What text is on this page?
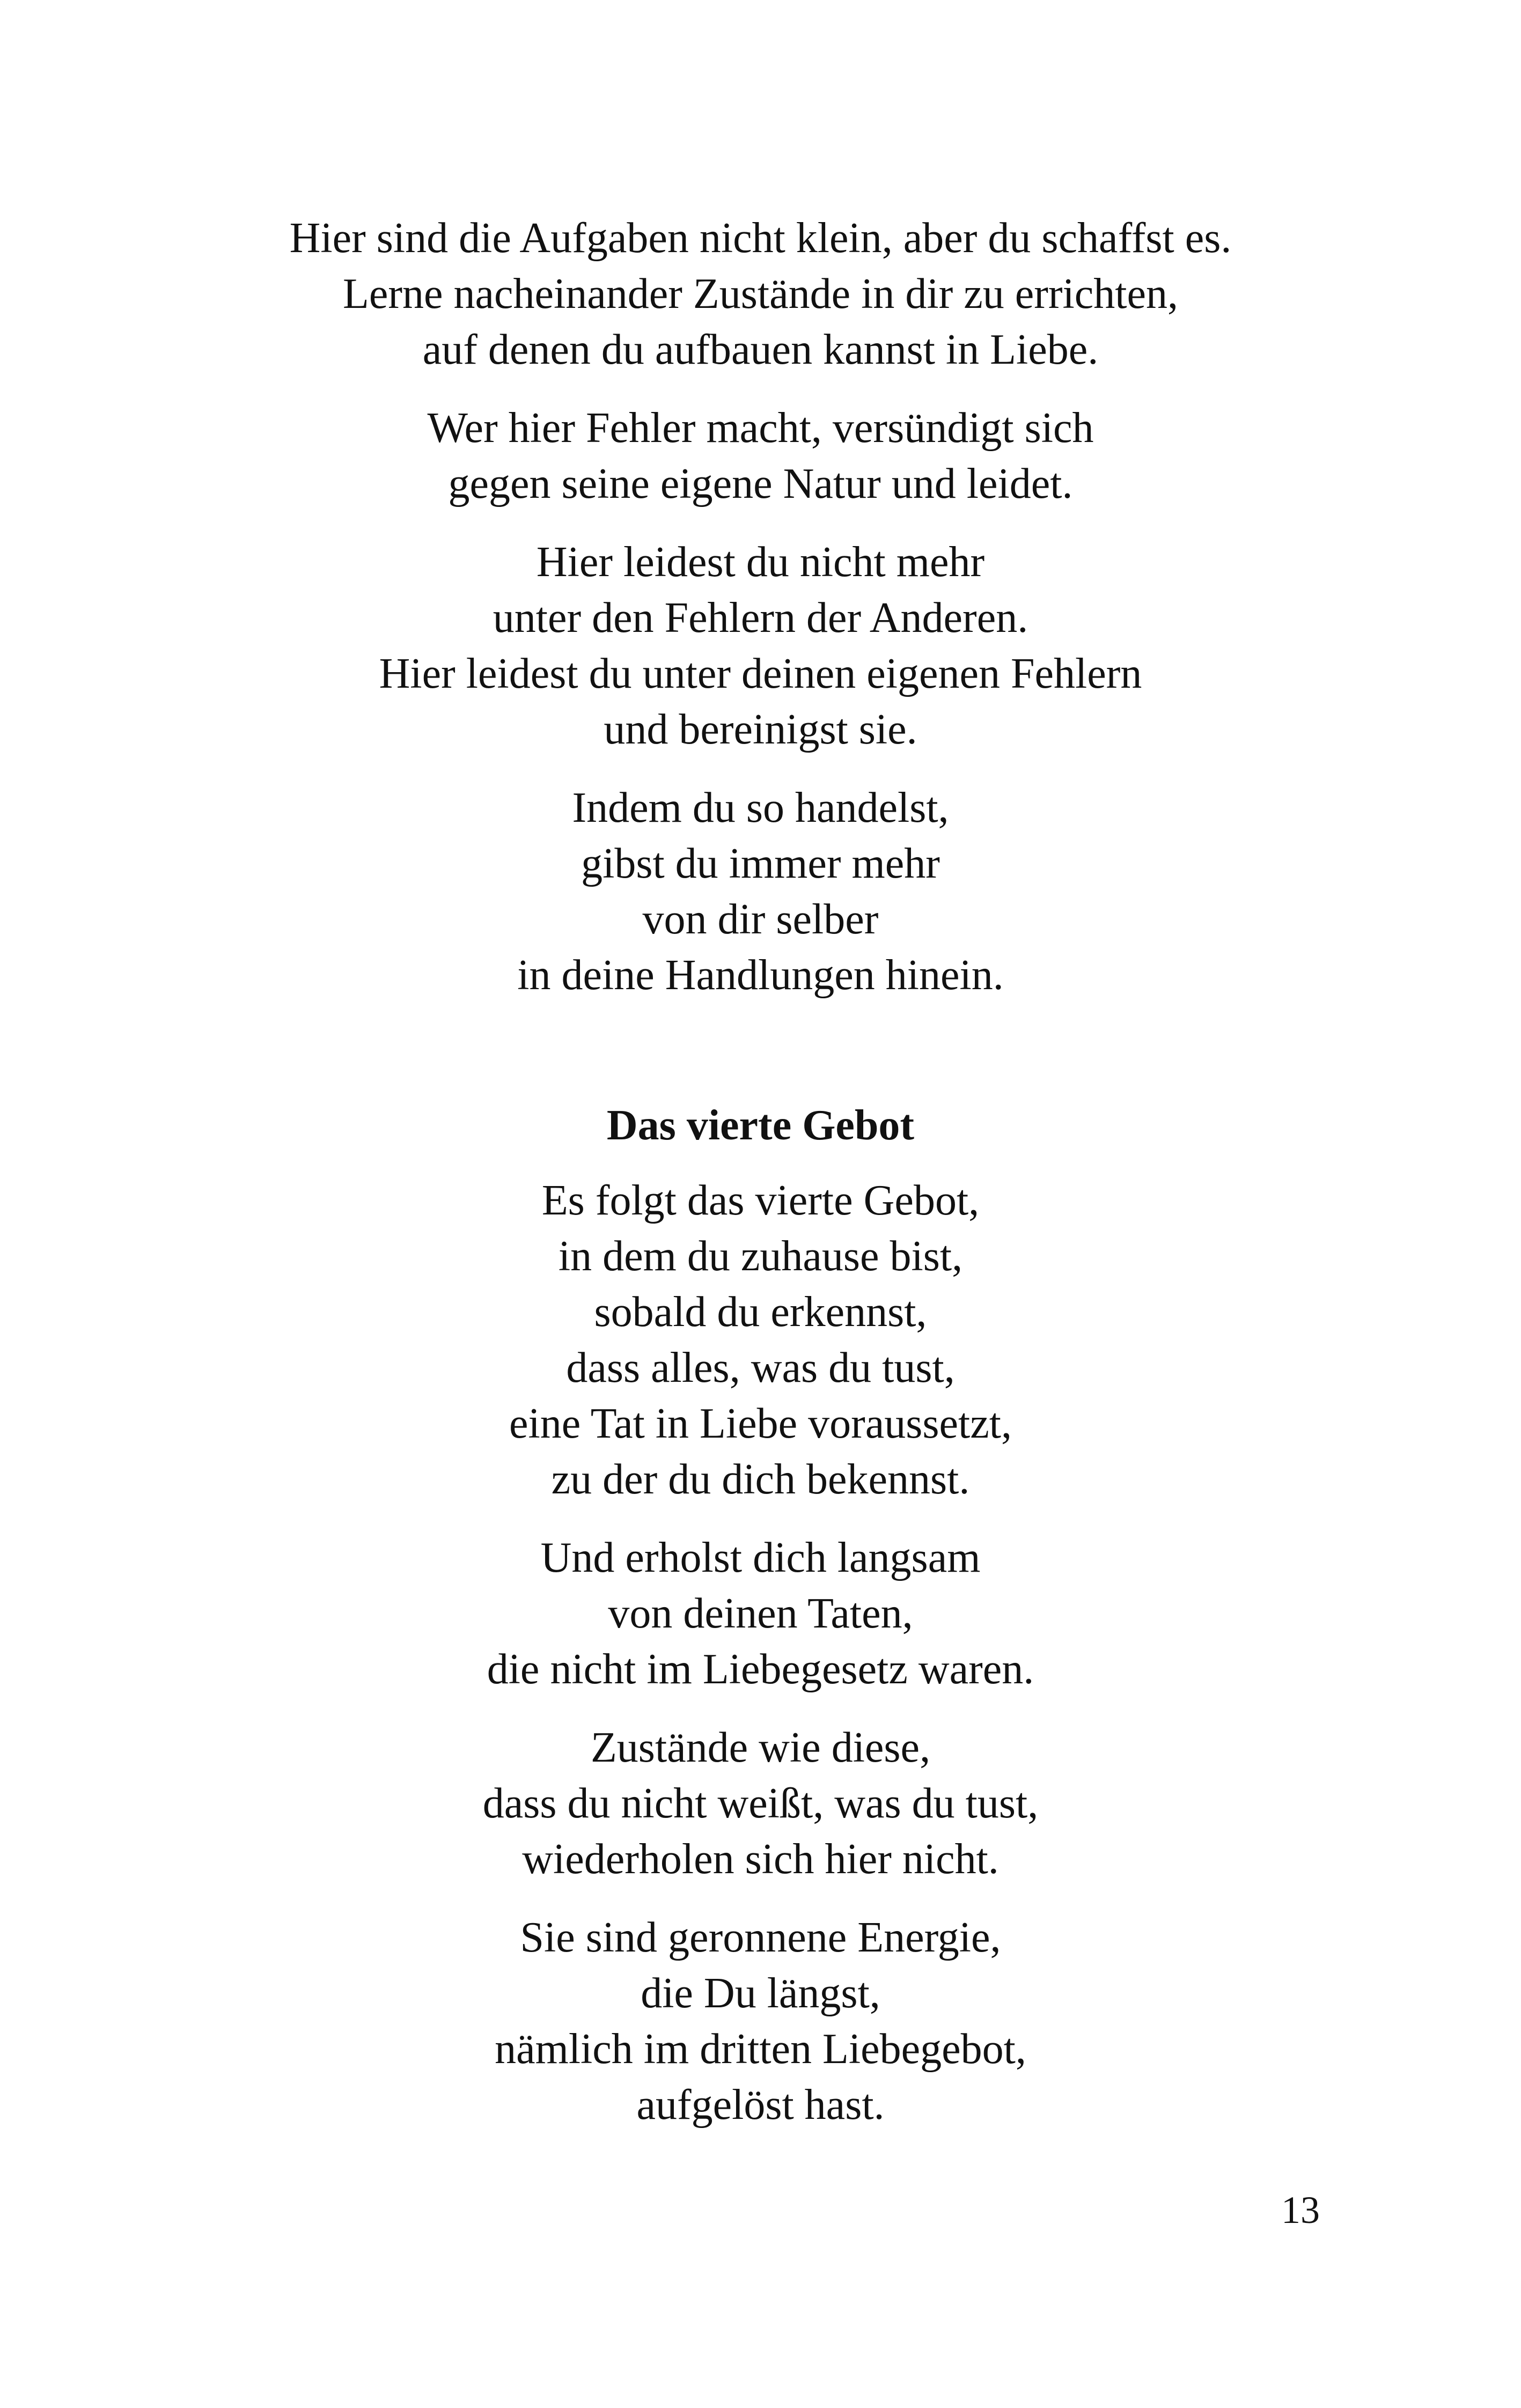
Hier sind die Aufgaben nicht klein, aber du schaffst es.
Lerne nacheinander Zustände in dir zu errichten,
auf denen du aufbauen kannst in Liebe.
Wer hier Fehler macht, versündigt sich
gegen seine eigene Natur und leidet.
Hier leidest du nicht mehr
unter den Fehlern der Anderen.
Hier leidest du unter deinen eigenen Fehlern
und bereinigst sie.
Indem du so handelst,
gibst du immer mehr
von dir selber
in deine Handlungen hinein.
Das vierte Gebot
Es folgt das vierte Gebot,
in dem du zuhause bist,
sobald du erkennst,
dass alles, was du tust,
eine Tat in Liebe voraussetzt,
zu der du dich bekennst.
Und erholst dich langsam
von deinen Taten,
die nicht im Liebegesetz waren.
Zustände wie diese,
dass du nicht weißt, was du tust,
wiederholen sich hier nicht.
Sie sind geronnene Energie,
die Du längst,
nämlich im dritten Liebegebot,
aufgelöst hast.
13
